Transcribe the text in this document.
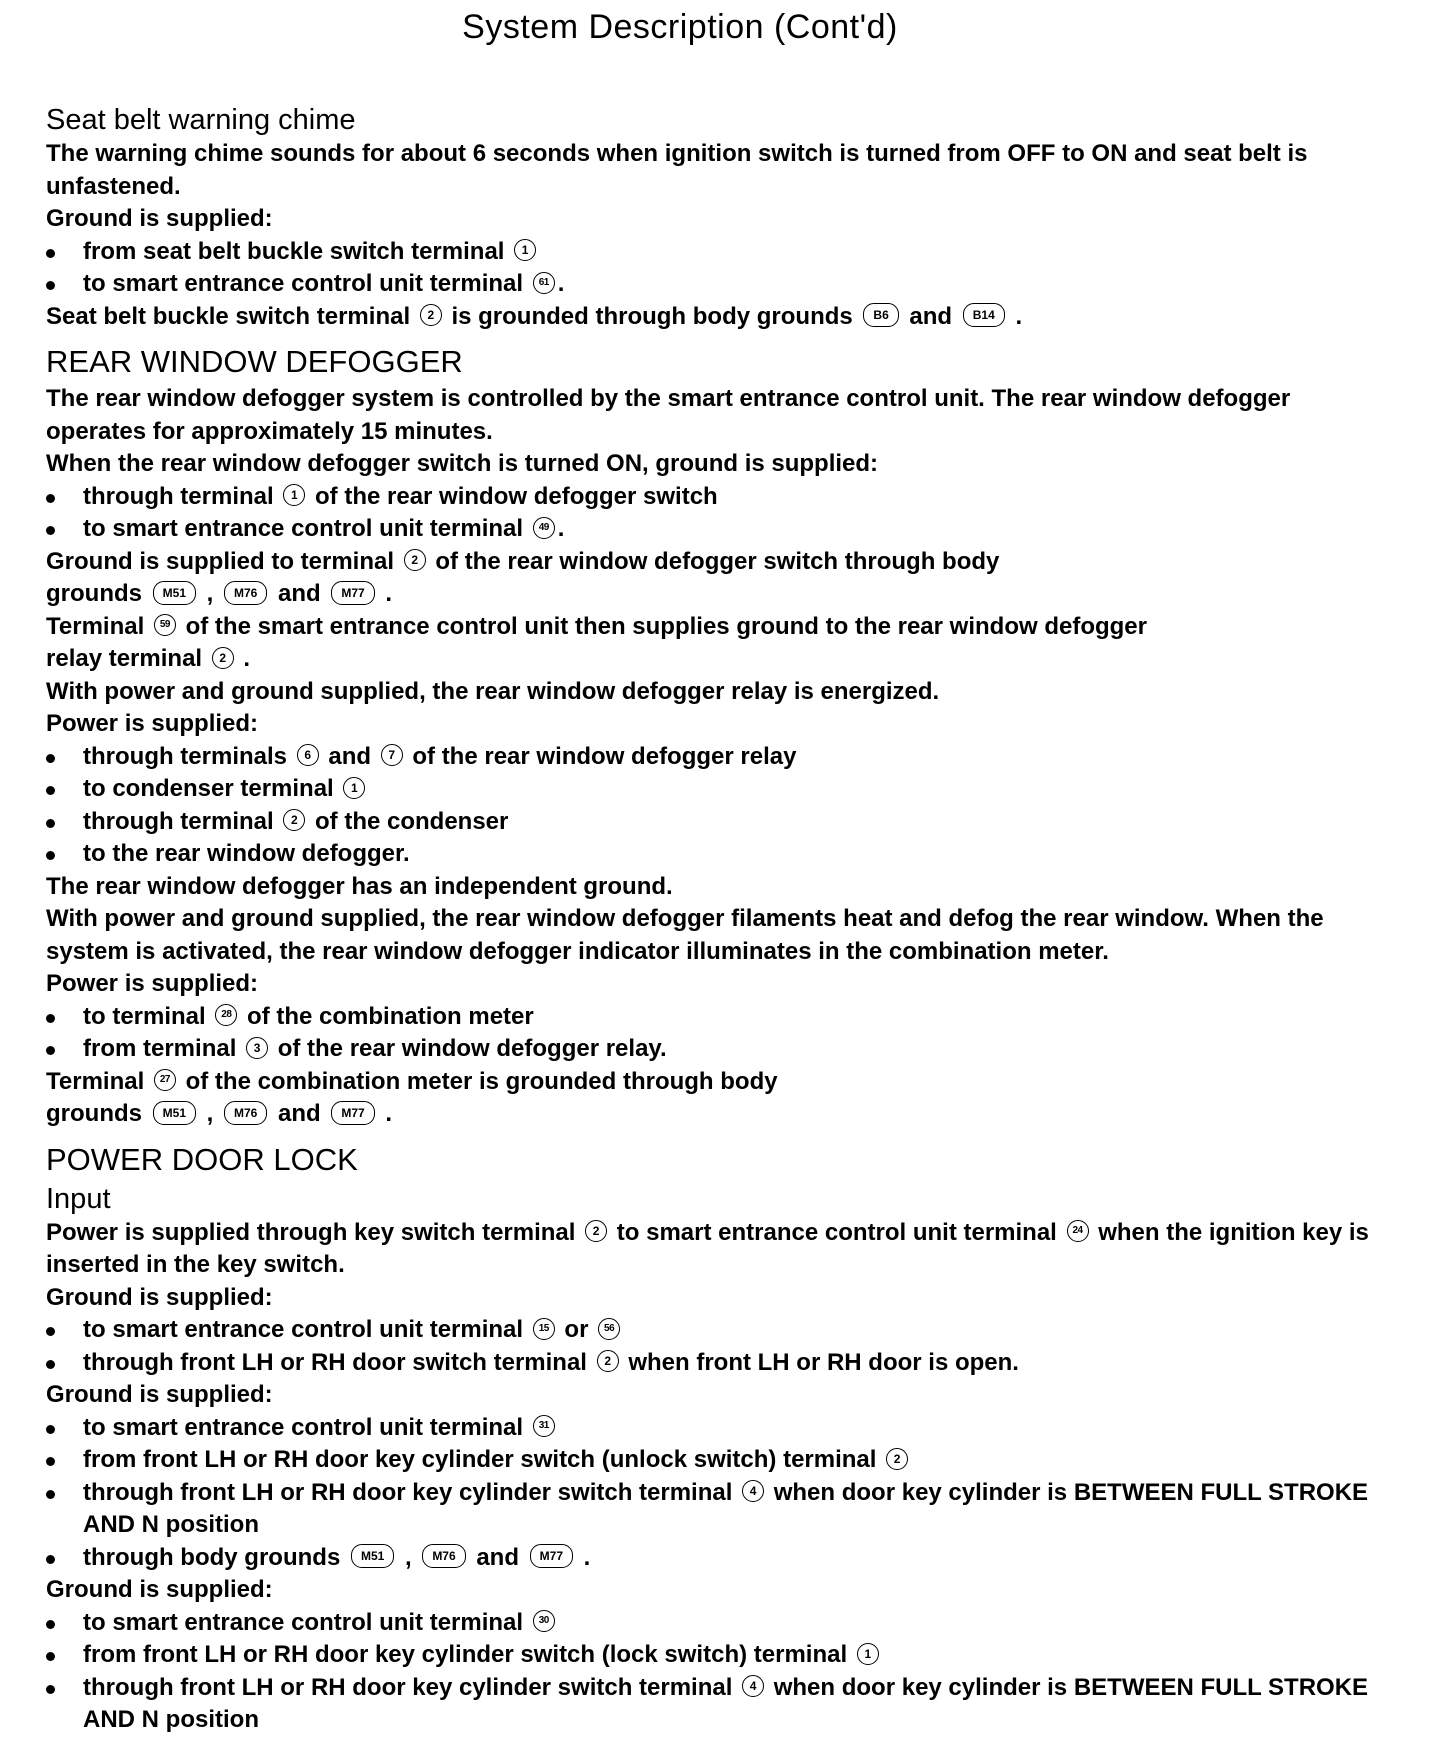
System Description (Cont'd)
Seat belt warning chime
The warning chime sounds for about 6 seconds when ignition switch is turned from OFF to ON and seat belt is unfastened.
Ground is supplied:
from seat belt buckle switch terminal 1
to smart entrance control unit terminal 61 .
Seat belt buckle switch terminal 2 is grounded through body grounds B6 and B14 .
REAR WINDOW DEFOGGER
The rear window defogger system is controlled by the smart entrance control unit. The rear window defogger operates for approximately 15 minutes.
When the rear window defogger switch is turned ON, ground is supplied:
through terminal 1 of the rear window defogger switch
to smart entrance control unit terminal 49 .
Ground is supplied to terminal 2 of the rear window defogger switch through body
grounds M51 , M76 and M77 .
Terminal 59 of the smart entrance control unit then supplies ground to the rear window defogger
relay terminal 2 .
With power and ground supplied, the rear window defogger relay is energized.
Power is supplied:
through terminals 6 and 7 of the rear window defogger relay
to condenser terminal 1
through terminal 2 of the condenser
to the rear window defogger.
The rear window defogger has an independent ground.
With power and ground supplied, the rear window defogger filaments heat and defog the rear window. When the system is activated, the rear window defogger indicator illuminates in the combination meter.
Power is supplied:
to terminal 28 of the combination meter
from terminal 3 of the rear window defogger relay.
Terminal 27 of the combination meter is grounded through body
grounds M51 , M76 and M77 .
POWER DOOR LOCK
Input
Power is supplied through key switch terminal 2 to smart entrance control unit terminal 24 when the ignition key is inserted in the key switch.
Ground is supplied:
to smart entrance control unit terminal 15 or 56
through front LH or RH door switch terminal 2 when front LH or RH door is open.
Ground is supplied:
to smart entrance control unit terminal 31
from front LH or RH door key cylinder switch (unlock switch) terminal 2
through front LH or RH door key cylinder switch terminal 4 when door key cylinder is BETWEEN FULL STROKE AND N position
through body grounds M51 , M76 and M77 .
Ground is supplied:
to smart entrance control unit terminal 30
from front LH or RH door key cylinder switch (lock switch) terminal 1
through front LH or RH door key cylinder switch terminal 4 when door key cylinder is BETWEEN FULL STROKE AND N position
